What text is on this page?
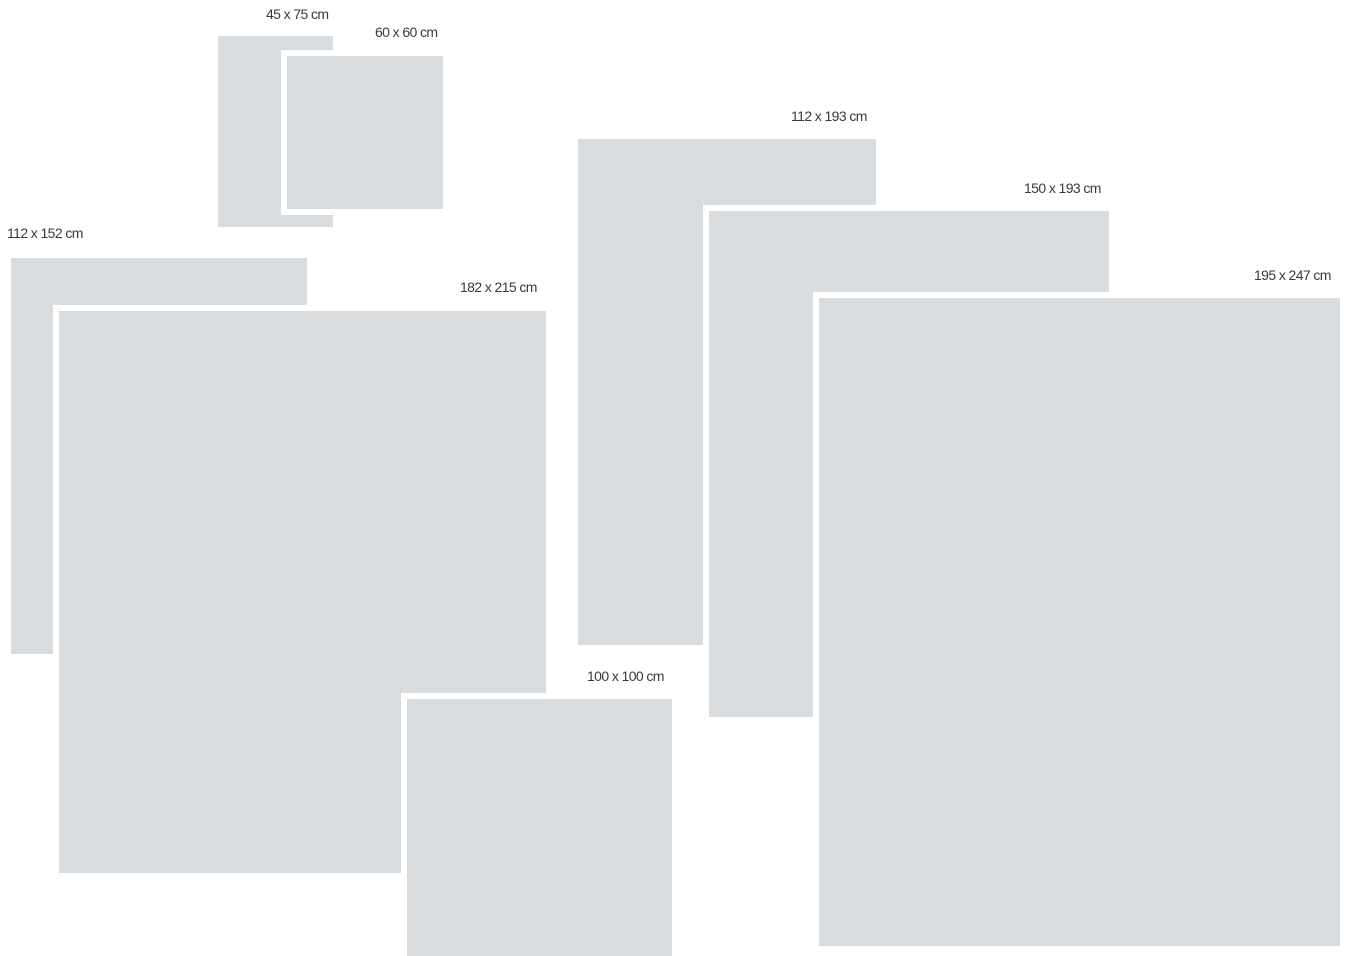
45 x 75 cm
60 x 60 cm
112 x 152 cm
182 x 215 cm
100 x 100 cm
112 x 193 cm
150 x 193 cm
195 x 247 cm
